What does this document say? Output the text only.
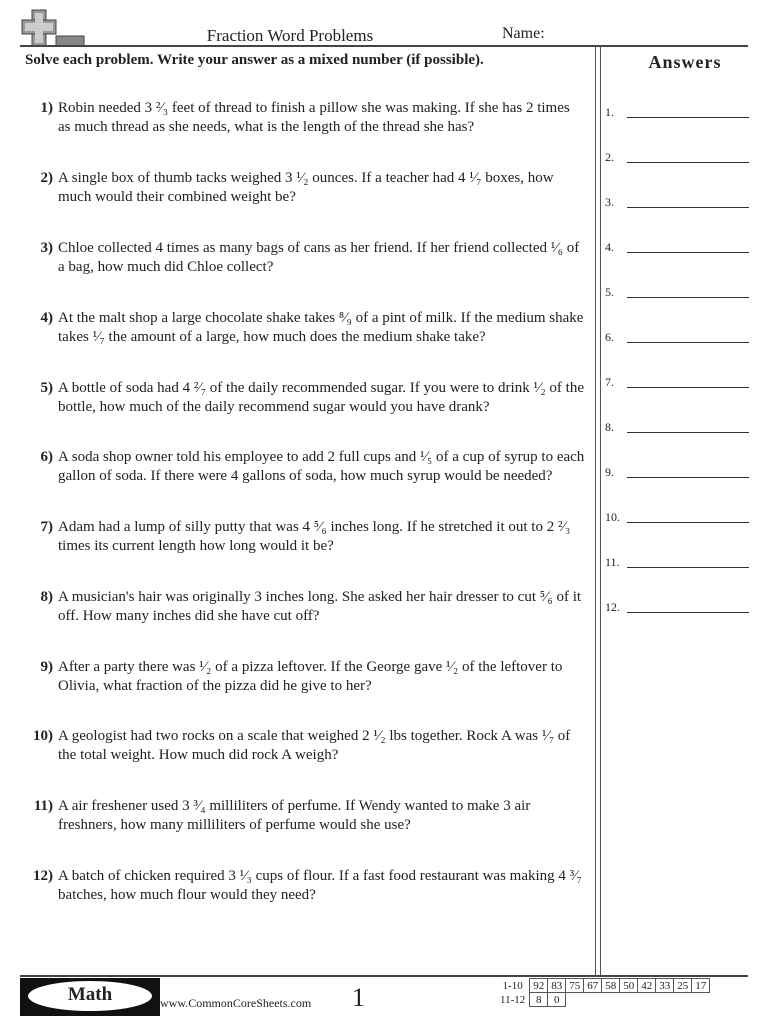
Fraction Word Problems	Name:
Solve each problem. Write your answer as a mixed number (if possible).	Answers
1) Robin needed 3 ²⁄₃ feet of thread to finish a pillow she was making. If she has 2 times as much thread as she needs, what is the length of the thread she has?
2) A single box of thumb tacks weighed 3 ¹⁄₂ ounces. If a teacher had 4 ¹⁄₇ boxes, how much would their combined weight be?
3) Chloe collected 4 times as many bags of cans as her friend. If her friend collected ¹⁄₆ of a bag, how much did Chloe collect?
4) At the malt shop a large chocolate shake takes ⁸⁄₉ of a pint of milk. If the medium shake takes ¹⁄₇ the amount of a large, how much does the medium shake take?
5) A bottle of soda had 4 ²⁄₇ of the daily recommended sugar. If you were to drink ¹⁄₂ of the bottle, how much of the daily recommend sugar would you have drank?
6) A soda shop owner told his employee to add 2 full cups and ¹⁄₅ of a cup of syrup to each gallon of soda. If there were 4 gallons of soda, how much syrup would be needed?
7) Adam had a lump of silly putty that was 4 ⁵⁄₆ inches long. If he stretched it out to 2 ²⁄₃ times its current length how long would it be?
8) A musician's hair was originally 3 inches long. She asked her hair dresser to cut ⁵⁄₆ of it off. How many inches did she have cut off?
9) After a party there was ¹⁄₂ of a pizza leftover. If the George gave ¹⁄₂ of the leftover to Olivia, what fraction of the pizza did he give to her?
10) A geologist had two rocks on a scale that weighed 2 ¹⁄₂ lbs together. Rock A was ¹⁄₇ of the total weight. How much did rock A weigh?
11) A air freshener used 3 ³⁄₄ milliliters of perfume. If Wendy wanted to make 3 air freshners, how many milliliters of perfume would she use?
12) A batch of chicken required 3 ¹⁄₃ cups of flour. If a fast food restaurant was making 4 ³⁄₇ batches, how much flour would they need?
1.
2.
3.
4.
5.
6.
7.
8.
9.
10.
11.
12.
Math	www.CommonCoreSheets.com 1	1-10	92	83	75	67	58	50	42	33	25	17
11-12	8	0								
